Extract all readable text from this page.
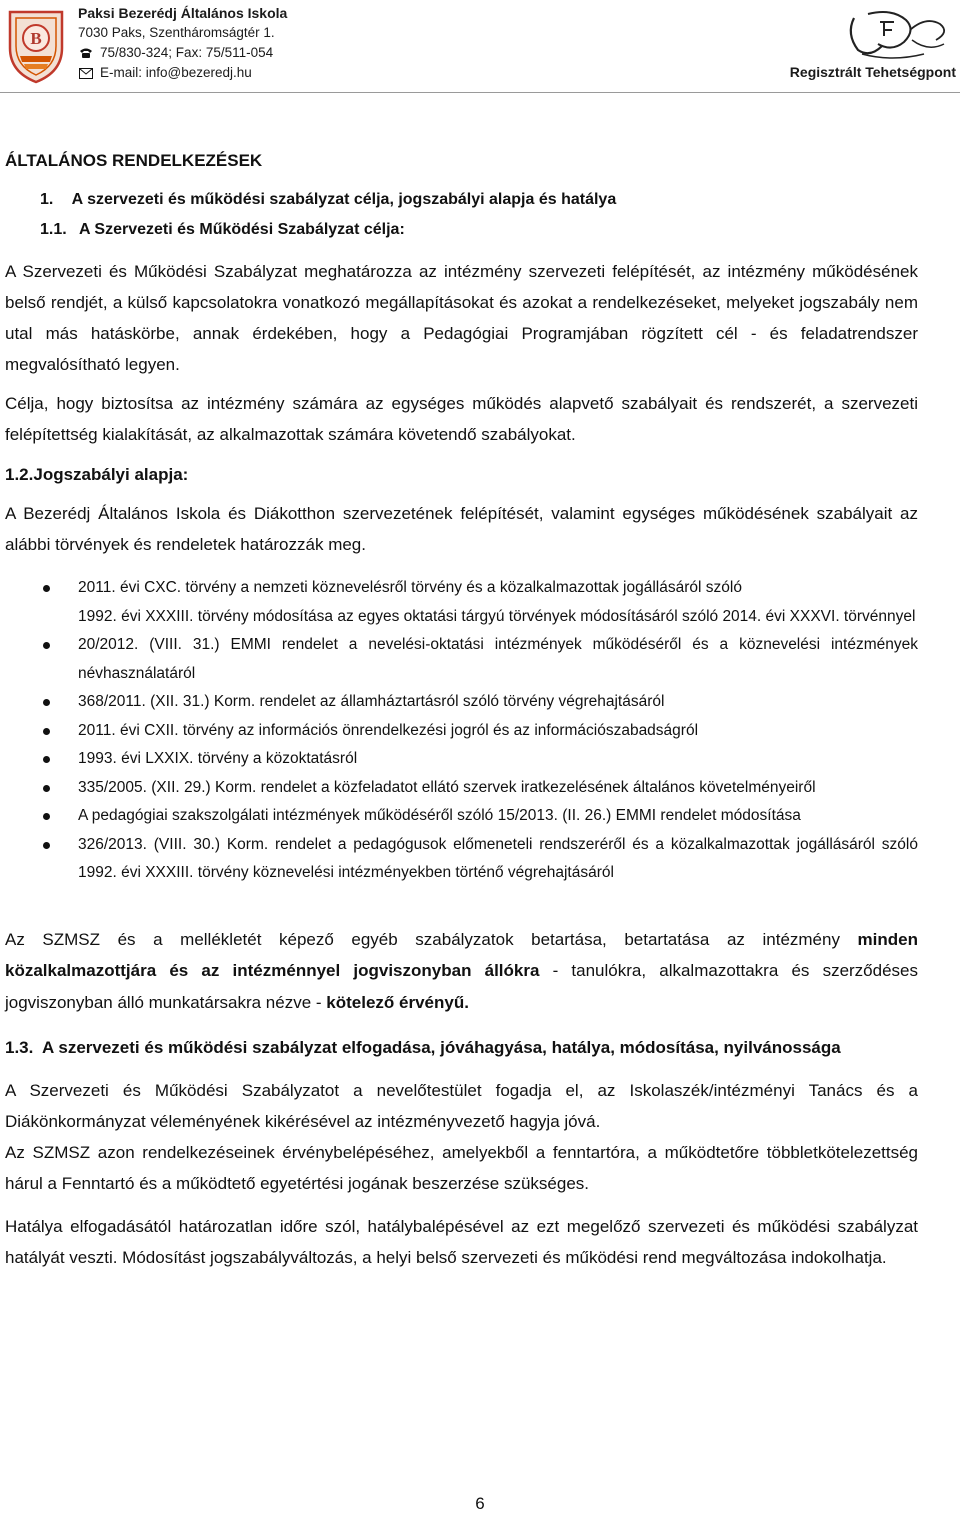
B
Paksi Bezerédj Általános Iskola
7030 Paks, Szentháromságtér 1.
75/830-324; Fax: 75/511-054
E-mail: info@bezeredj.hu	Regisztrált Tehetségpont
ÁLTALÁNOS RENDELKEZÉSEK
1. A szervezeti és működési szabályzat célja, jogszabályi alapja és hatálya
1.1. A Szervezeti és Működési Szabályzat célja:

A Szervezeti és Működési Szabályzat meghatározza az intézmény szervezeti felépítését, az intézmény működésének belső rendjét, a külső kapcsolatokra vonatkozó megállapításokat és azokat a rendelkezéseket, melyeket jogszabály nem utal más hatáskörbe, annak érdekében, hogy a Pedagógiai Programjában rögzített cél - és feladatrendszer megvalósítható legyen.

Célja, hogy biztosítsa az intézmény számára az egységes működés alapvető szabályait és rendszerét, a szervezeti felépítettség kialakítását, az alkalmazottak számára követendő szabályokat.

1.2.Jogszabályi alapja:

A Bezerédj Általános Iskola és Diákotthon szervezetének felépítését, valamint egységes működésének szabályait az alábbi törvények és rendeletek határozzák meg.

2011. évi CXC. törvény a nemzeti köznevelésről törvény és a közalkalmazottak jogállásáról szóló
1992. évi XXXIII. törvény módosítása az egyes oktatási tárgyú törvények módosításáról szóló 2014. évi XXXVI. törvénnyel
20/2012. (VIII. 31.) EMMI rendelet a nevelési-oktatási intézmények működéséről és a köznevelési intézmények névhasználatáról
368/2011. (XII. 31.) Korm. rendelet az államháztartásról szóló törvény végrehajtásáról
2011. évi CXII. törvény az információs önrendelkezési jogról és az információszabadságról
1993. évi LXXIX. törvény a közoktatásról
335/2005. (XII. 29.) Korm. rendelet a közfeladatot ellátó szervek iratkezelésének általános követelményeiről
A pedagógiai szakszolgálati intézmények működéséről szóló 15/2013. (II. 26.) EMMI rendelet módosítása
326/2013. (VIII. 30.) Korm. rendelet a pedagógusok előmeneteli rendszeréről és a közalkalmazottak jogállásáról szóló 1992. évi XXXIII. törvény köznevelési intézményekben történő végrehajtásáról

Az SZMSZ és a mellékletét képező egyéb szabályzatok betartása, betartatása az intézmény minden közalkalmazottjára és az intézménnyel jogviszonyban állókra - tanulókra, alkalmazottakra és szerződéses jogviszonyban álló munkatársakra nézve - kötelező érvényű.

1.3. A szervezeti és működési szabályzat elfogadása, jóváhagyása, hatálya, módosítása, nyilvánossága

A Szervezeti és Működési Szabályzatot a nevelőtestület fogadja el, az Iskolaszék/intézményi Tanács és a Diákönkormányzat véleményének kikérésével az intézményvezető hagyja jóvá.

Az SZMSZ azon rendelkezéseinek érvénybelépéséhez, amelyekből a fenntartóra, a működtetőre többletkötelezettség hárul a Fenntartó és a működtető egyetértési jogának beszerzése szükséges.

Hatálya elfogadásától határozatlan időre szól, hatálybalépésével az ezt megelőző szervezeti és működési szabályzat hatályát veszti. Módosítást jogszabályváltozás, a helyi belső szervezeti és működési rend megváltozása indokolhatja.

6
